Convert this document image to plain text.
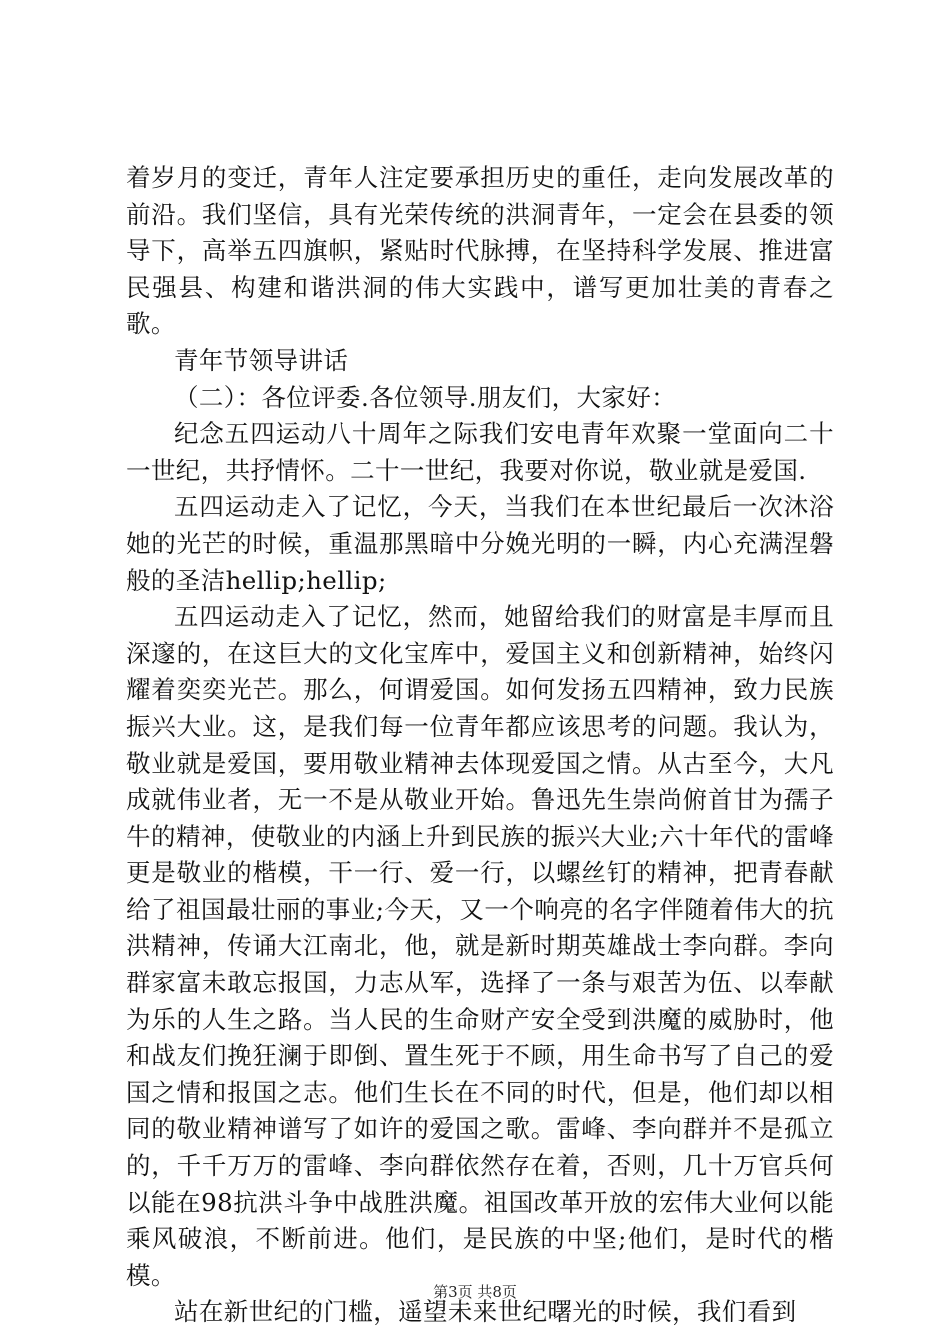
着岁月的变迁，青年人注定要承担历史的重任，走向发展改革的前沿。我们坚信，具有光荣传统的洪洞青年，一定会在县委的领导下，高举五四旗帜，紧贴时代脉搏，在坚持科学发展、推进富民强县、构建和谐洪洞的伟大实践中，谱写更加壮美的青春之歌。

青年节领导讲话

（二）：各位评委.各位领导.朋友们，大家好：

纪念五四运动八十周年之际我们安电青年欢聚一堂面向二十一世纪，共抒情怀。二十一世纪，我要对你说，敬业就是爱国.

五四运动走入了记忆，今天，当我们在本世纪最后一次沐浴她的光芒的时候，重温那黑暗中分娩光明的一瞬，内心充满涅磐般的圣洁hellip;hellip;

五四运动走入了记忆，然而，她留给我们的财富是丰厚而且深邃的，在这巨大的文化宝库中，爱国主义和创新精神，始终闪耀着奕奕光芒。那么，何谓爱国。如何发扬五四精神，致力民族振兴大业。这，是我们每一位青年都应该思考的问题。我认为，敬业就是爱国，要用敬业精神去体现爱国之情。从古至今，大凡成就伟业者，无一不是从敬业开始。鲁迅先生崇尚俯首甘为孺子牛的精神，使敬业的内涵上升到民族的振兴大业;六十年代的雷峰更是敬业的楷模，干一行、爱一行，以螺丝钉的精神，把青春献给了祖国最壮丽的事业;今天，又一个响亮的名字伴随着伟大的抗洪精神，传诵大江南北，他，就是新时期英雄战士李向群。李向群家富未敢忘报国，力志从军，选择了一条与艰苦为伍、以奉献为乐的人生之路。当人民的生命财产安全受到洪魔的威胁时，他和战友们挽狂澜于即倒、置生死于不顾，用生命书写了自己的爱国之情和报国之志。他们生长在不同的时代，但是，他们却以相同的敬业精神谱写了如许的爱国之歌。雷峰、李向群并不是孤立的，千千万万的雷峰、李向群依然存在着，否则，几十万官兵何以能在98抗洪斗争中战胜洪魔。祖国改革开放的宏伟大业何以能乘风破浪，不断前进。他们，是民族的中坚;他们，是时代的楷模。

站在新世纪的门槛，遥望未来世纪曙光的时候，我们看到

第3页 共8页
